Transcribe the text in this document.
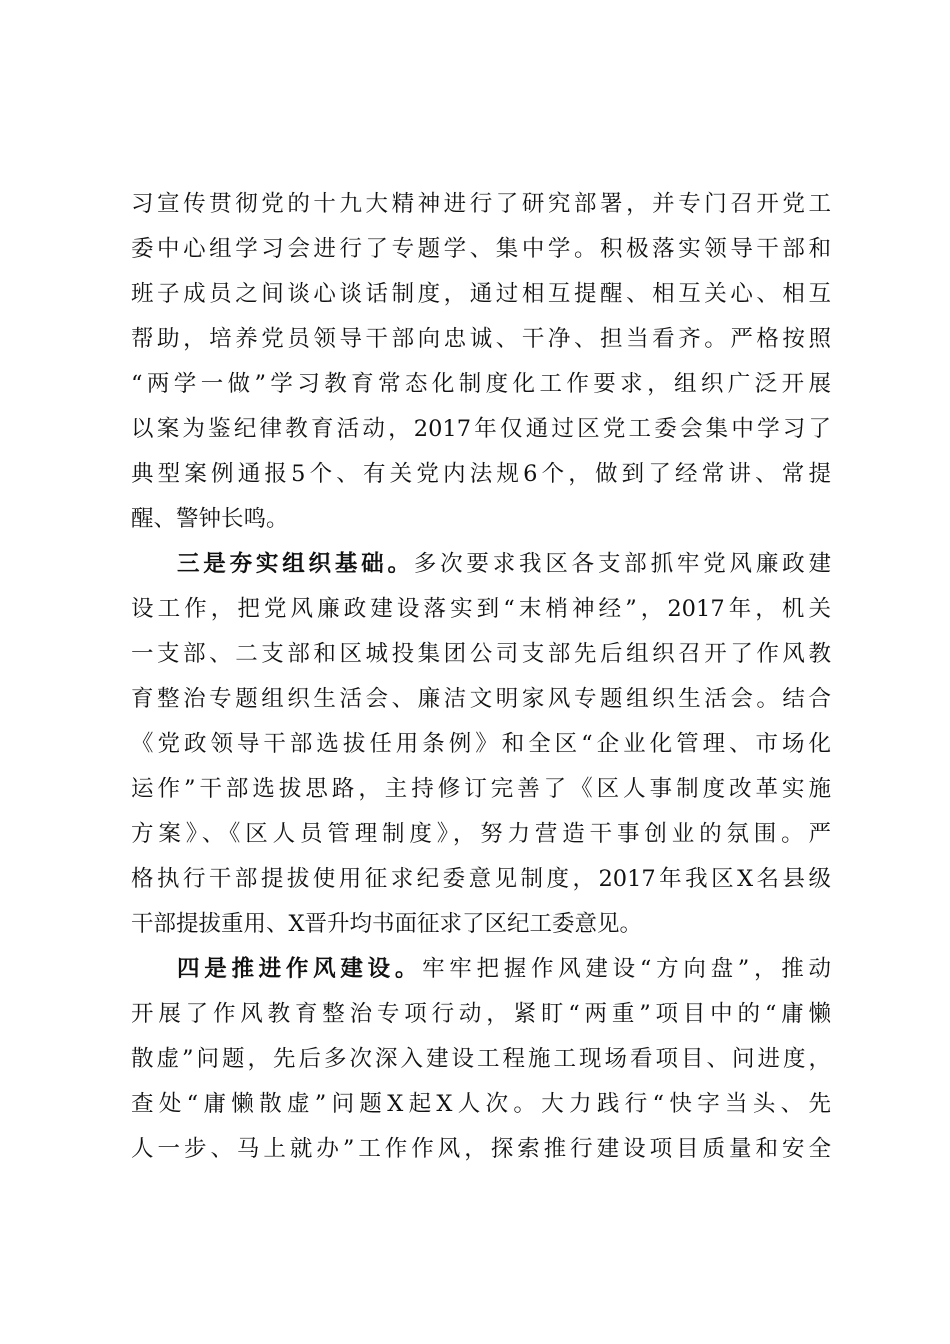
习宣传贯彻党的十九大精神进行了研究部署，并专门召开党工
委中心组学习会进行了专题学、集中学。积极落实领导干部和
班子成员之间谈心谈话制度，通过相互提醒、相互关心、相互
帮助，培养党员领导干部向忠诚、干净、担当看齐。严格按照
“两学一做”学习教育常态化制度化工作要求，组织广泛开展
以案为鉴纪律教育活动，2017年仅通过区党工委会集中学习了
典型案例通报5个、有关党内法规6个，做到了经常讲、常提
醒、警钟长鸣。
三是夯实组织基础。多次要求我区各支部抓牢党风廉政建
设工作，把党风廉政建设落实到“末梢神经”，2017年，机关
一支部、二支部和区城投集团公司支部先后组织召开了作风教
育整治专题组织生活会、廉洁文明家风专题组织生活会。结合
《党政领导干部选拔任用条例》和全区“企业化管理、市场化
运作”干部选拔思路，主持修订完善了《区人事制度改革实施
方案》、《区人员管理制度》，努力营造干事创业的氛围。严
格执行干部提拔使用征求纪委意见制度，2017年我区X名县级
干部提拔重用、X晋升均书面征求了区纪工委意见。
四是推进作风建设。牢牢把握作风建设“方向盘”，推动
开展了作风教育整治专项行动，紧盯“两重”项目中的“庸懒
散虚”问题，先后多次深入建设工程施工现场看项目、问进度，
查处“庸懒散虚”问题X起X人次。大力践行“快字当头、先
人一步、马上就办”工作作风，探索推行建设项目质量和安全
